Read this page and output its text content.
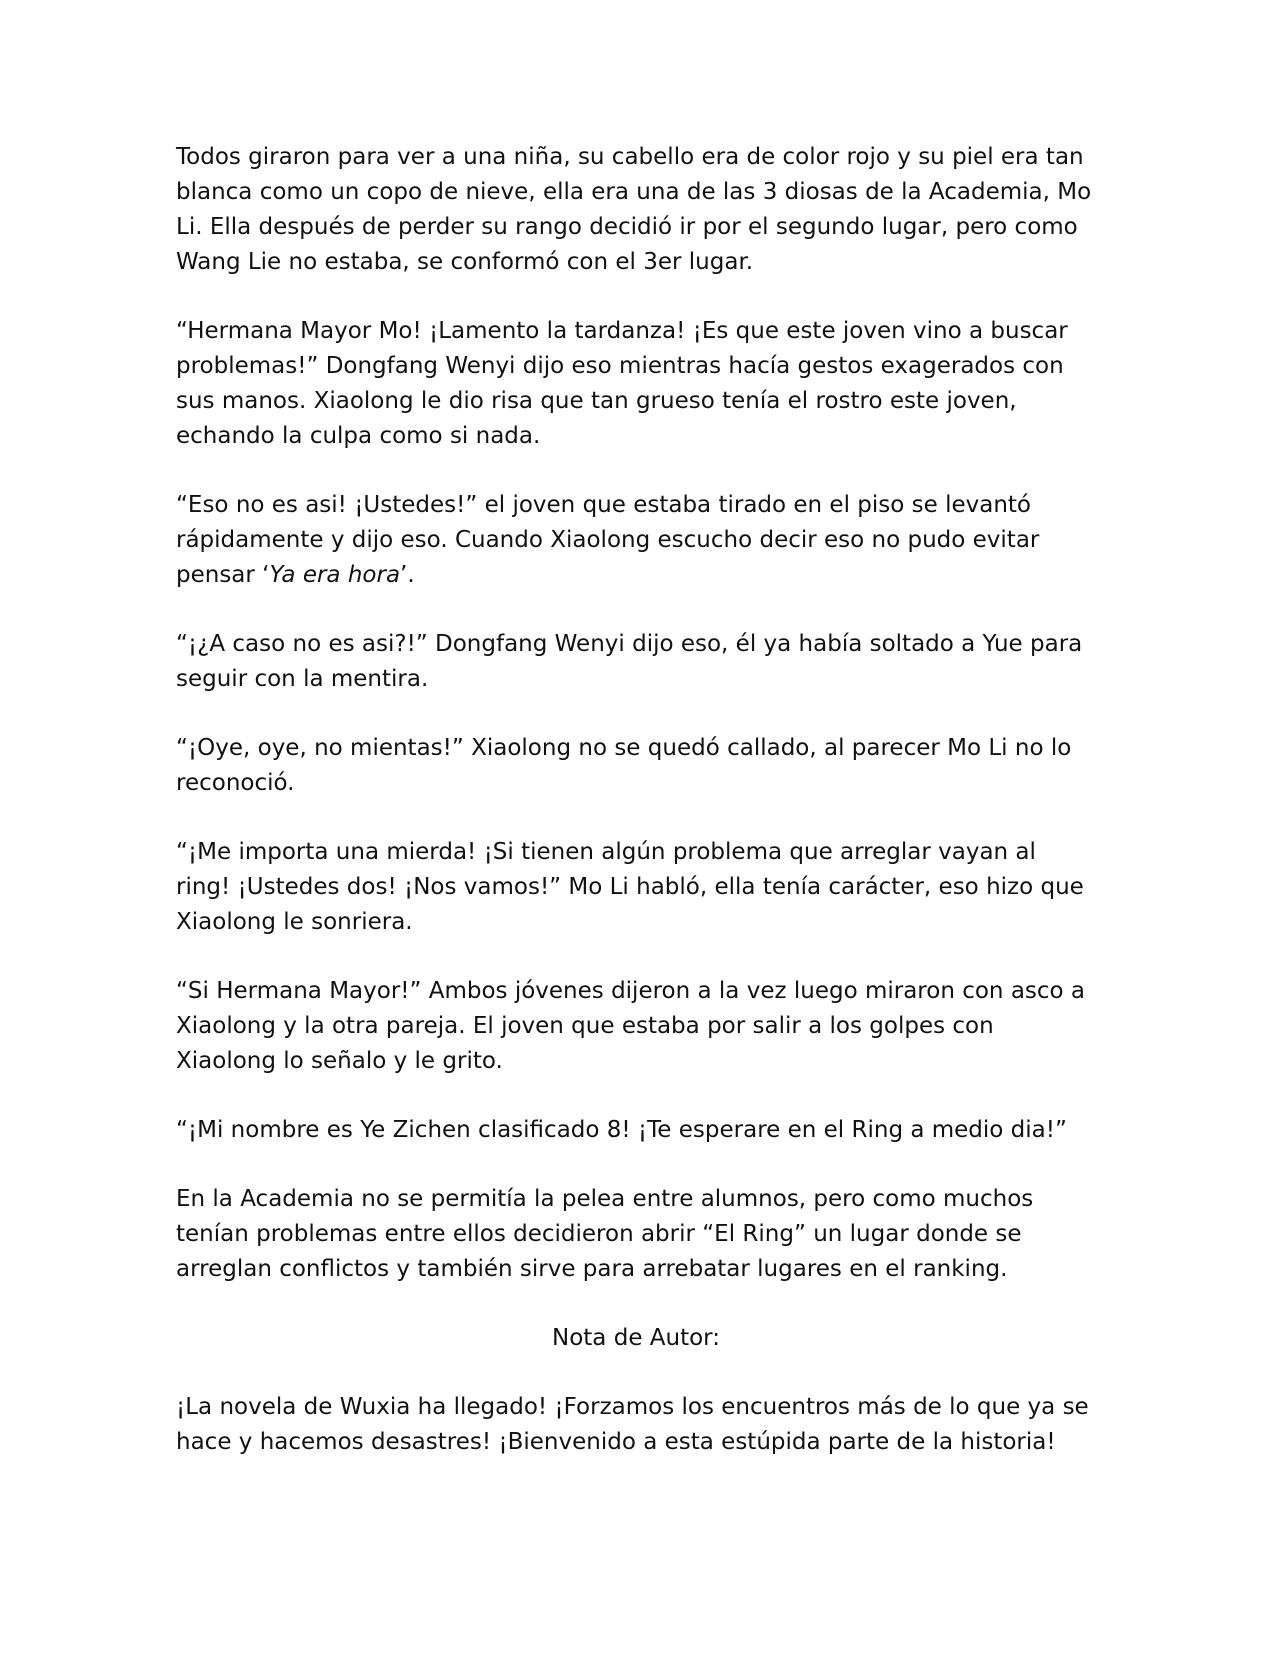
Todos giraron para ver a una niña, su cabello era de color rojo y su piel era tan blanca como un copo de nieve, ella era una de las 3 diosas de la Academia, Mo Li. Ella después de perder su rango decidió ir por el segundo lugar, pero como Wang Lie no estaba, se conformó con el 3er lugar.

“Hermana Mayor Mo! ¡Lamento la tardanza! ¡Es que este joven vino a buscar problemas!” Dongfang Wenyi dijo eso mientras hacía gestos exagerados con sus manos. Xiaolong le dio risa que tan grueso tenía el rostro este joven, echando la culpa como si nada.

“Eso no es asi! ¡Ustedes!” el joven que estaba tirado en el piso se levantó rápidamente y dijo eso. Cuando Xiaolong escucho decir eso no pudo evitar pensar ‘Ya era hora’.

“¡¿A caso no es asi?!” Dongfang Wenyi dijo eso, él ya había soltado a Yue para seguir con la mentira.

“¡Oye, oye, no mientas!” Xiaolong no se quedó callado, al parecer Mo Li no lo reconoció.

“¡Me importa una mierda! ¡Si tienen algún problema que arreglar vayan al ring! ¡Ustedes dos! ¡Nos vamos!” Mo Li habló, ella tenía carácter, eso hizo que Xiaolong le sonriera.

“Si Hermana Mayor!” Ambos jóvenes dijeron a la vez luego miraron con asco a Xiaolong y la otra pareja. El joven que estaba por salir a los golpes con Xiaolong lo señalo y le grito.

“¡Mi nombre es Ye Zichen clasificado 8! ¡Te esperare en el Ring a medio dia!”

En la Academia no se permitía la pelea entre alumnos, pero como muchos tenían problemas entre ellos decidieron abrir “El Ring” un lugar donde se arreglan conflictos y también sirve para arrebatar lugares en el ranking.

Nota de Autor:

¡La novela de Wuxia ha llegado! ¡Forzamos los encuentros más de lo que ya se hace y hacemos desastres! ¡Bienvenido a esta estúpida parte de la historia!
